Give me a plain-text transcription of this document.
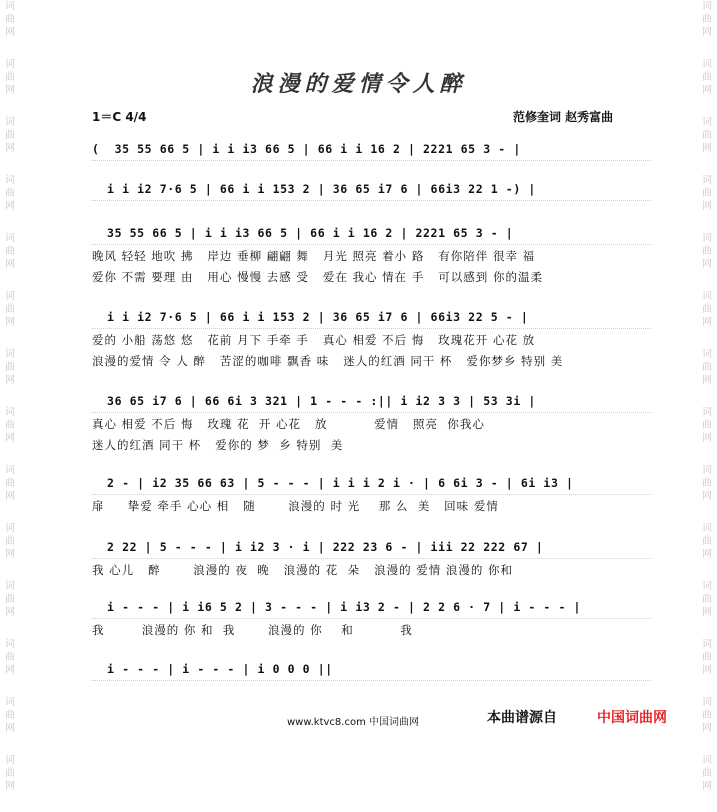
词
曲
网
词
曲
网
词
曲
网
词
曲
网
词
曲
网
词
曲
网
词
曲
网
词
曲
网
词
曲
网
词
曲
网
词
曲
网
词
曲
网
词
曲
网
词
曲
网
词
曲
网
词
曲
网
词
曲
网
词
曲
网
词
曲
网
词
曲
网
词
曲
网
词
曲
网
词
曲
网
词
曲
网
词
曲
网
词
曲
网
词
曲
网
词
曲
网
浪漫的爱情令人醉
1＝C 4/4	范修奎词 赵秀富曲
(  35 55 66 5 | i i i3 66 5 | 66 i i 16 2 | 2221 65 3 - |
i i i2 7·6 5 | 66 i i 153 2 | 36 65 i7 6 | 66i3 22 1 -) |
35 55 66 5 | i i i3 66 5 | 66 i i 16 2 | 2221 65 3 - |
晚风 轻轻 地吹 拂   岸边 垂柳 翩翩 舞   月光 照亮 着小 路   有你陪伴 很幸 福
爱你 不需 要理 由   用心 慢慢 去感 受   爱在 我心 情在 手   可以感到 你的温柔
i i i2 7·6 5 | 66 i i 153 2 | 36 65 i7 6 | 66i3 22 5 - |
爱的 小船 荡悠 悠   花前 月下 手牵 手   真心 相爱 不后 悔   玫瑰花开 心花 放
浪漫的爱情 令 人 醉   苦涩的咖啡 飘香 味   迷人的红酒 同干 杯   爱你梦乡 特别 美
36 65 i7 6 | 66 6i 3 321 | 1 - - - :|| i i2 3 3 | 53 3i |
真心 相爱 不后 悔   玫瑰 花  开 心花   放          爱情   照亮  你我心
迷人的红酒 同干 杯   爱你的 梦  乡 特别  美
2 - | i2 35 66 63 | 5 - - - | i i i 2 i · | 6 6i 3 - | 6i i3 |
扉     挚爱 牵手 心心 相   随       浪漫的 时 光    那 么  美   回味 爱情
2 22 | 5 - - - | i i2 3 · i | 222 23 6 - | iii 22 222 67 |
我 心儿   醉       浪漫的 夜  晚   浪漫的 花  朵   浪漫的 爱情 浪漫的 你和
i - - - | i i6 5 2 | 3 - - - | i i3 2 - | 2 2 6 · 7 | i - - - |
我        浪漫的 你 和  我       浪漫的 你    和          我
i - - - | i - - - | i 0 0 0 ||
www.ktvc8.com 中国词曲网	本曲谱源自	中国词曲网
